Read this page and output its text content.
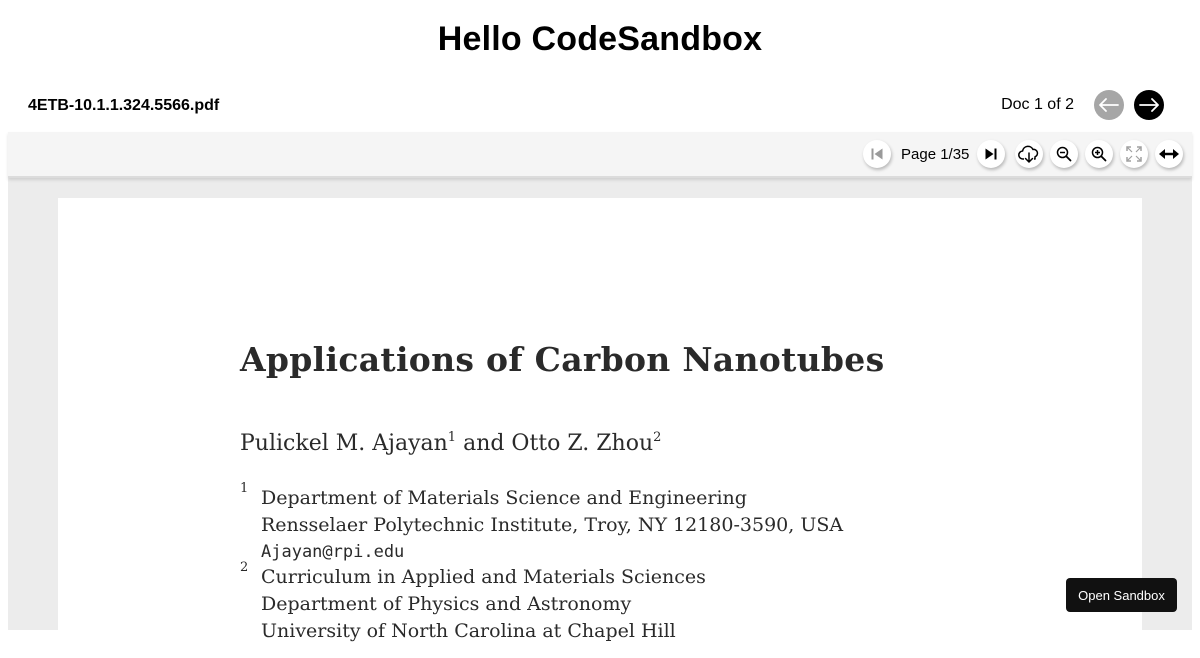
Hello CodeSandbox
4ETB-10.1.1.324.5566.pdf	Doc 1 of 2
Page 1/35
Applications of Carbon Nanotubes
Pulickel M. Ajayan$^1$ and Otto Z. Zhou$^2$
1 Department of Materials Science and Engineering
Rensselaer Polytechnic Institute, Troy, NY 12180-3590, USA
Ajayan@rpi.edu
2 Curriculum in Applied and Materials Sciences
Department of Physics and Astronomy
University of North Carolina at Chapel Hill
Open Sandbox
